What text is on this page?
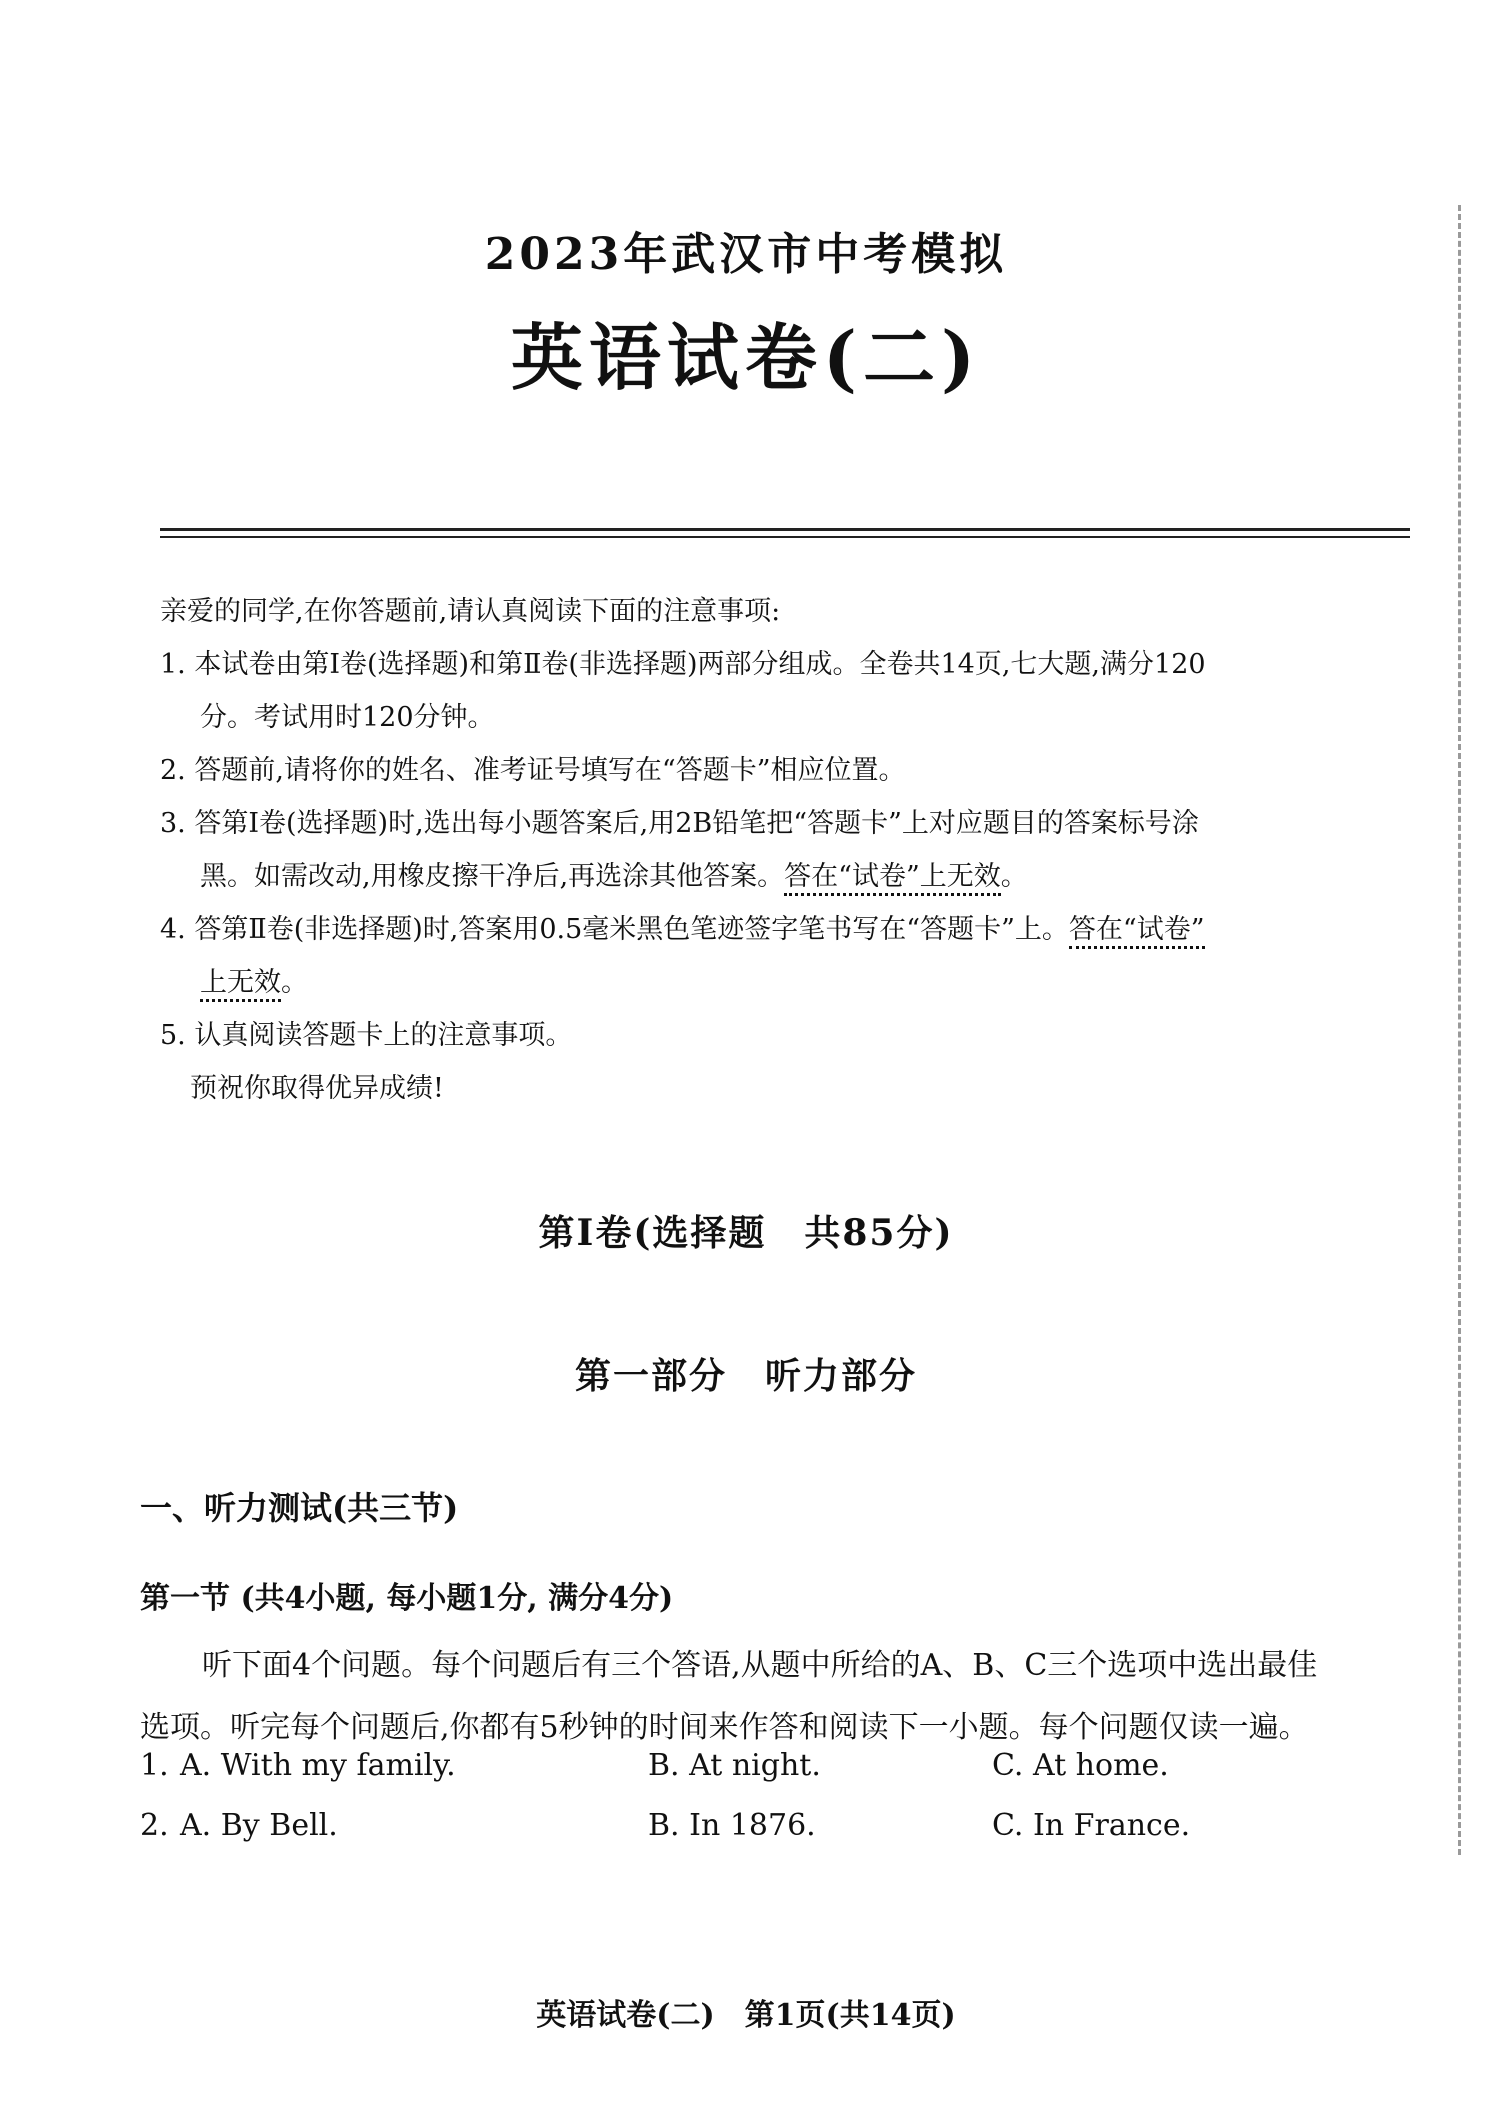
2023年武汉市中考模拟
英语试卷(二)

亲爱的同学,在你答题前,请认真阅读下面的注意事项:

1. 本试卷由第Ⅰ卷(选择题)和第Ⅱ卷(非选择题)两部分组成。全卷共14页,七大题,满分120
分。考试用时120分钟。

2. 答题前,请将你的姓名、准考证号填写在“答题卡”相应位置。

3. 答第Ⅰ卷(选择题)时,选出每小题答案后,用2B铅笔把“答题卡”上对应题目的答案标号涂
黑。如需改动,用橡皮擦干净后,再选涂其他答案。答在“试卷”上无效。

4. 答第Ⅱ卷(非选择题)时,答案用0.5毫米黑色笔迹签字笔书写在“答题卡”上。答在“试卷”
上无效。

5. 认真阅读答题卡上的注意事项。

预祝你取得优异成绩!

第Ⅰ卷(选择题　共85分)
第一部分　听力部分
一、听力测试(共三节)
第一节 (共4小题, 每小题1分, 满分4分)
听下面4个问题。每个问题后有三个答语,从题中所给的A、B、C三个选项中选出最佳
选项。听完每个问题后,你都有5秒钟的时间来作答和阅读下一小题。每个问题仅读一遍。
1. A. With my family.	B. At night.	C. At home.
2. A. By Bell.	B. In 1876.	C. In France.
英语试卷(二)　第1页(共14页)
